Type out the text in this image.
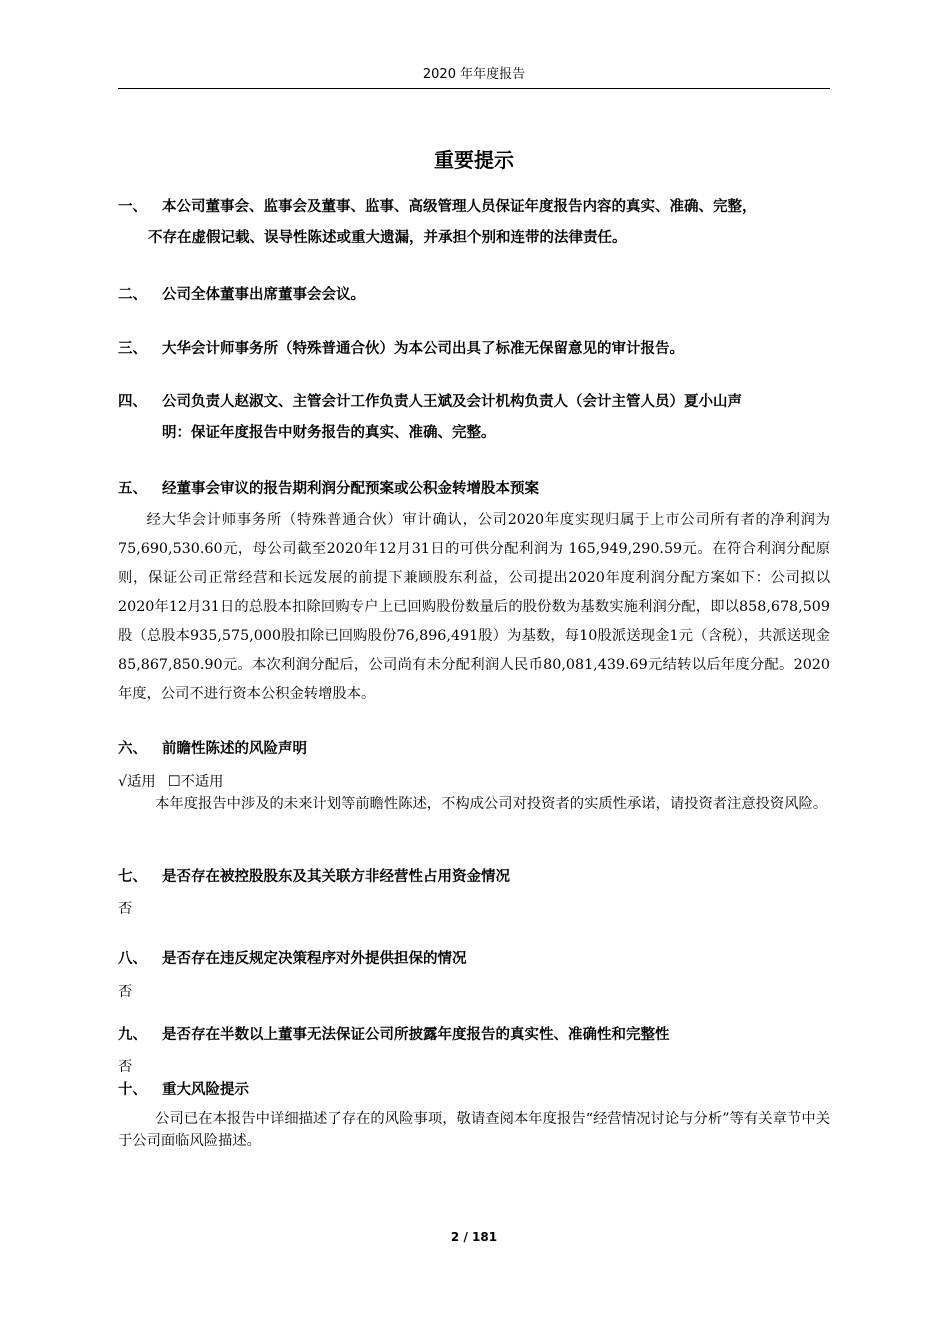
2020 年年度报告
重要提示
一、 本公司董事会、监事会及董事、监事、高级管理人员保证年度报告内容的真实、准确、完整，
不存在虚假记载、误导性陈述或重大遗漏，并承担个别和连带的法律责任。
二、 公司全体董事出席董事会会议。
三、 大华会计师事务所（特殊普通合伙）为本公司出具了标准无保留意见的审计报告。
四、 公司负责人赵淑文、主管会计工作负责人王斌及会计机构负责人（会计主管人员）夏小山声
明：保证年度报告中财务报告的真实、准确、完整。
五、 经董事会审议的报告期利润分配预案或公积金转增股本预案
经大华会计师事务所（特殊普通合伙）审计确认，公司2020年度实现归属于上市公司所有者的净利润为75,690,530.60元，母公司截至2020年12月31日的可供分配利润为 165,949,290.59元。在符合利润分配原则，保证公司正常经营和长远发展的前提下兼顾股东利益，公司提出2020年度利润分配方案如下：公司拟以2020年12月31日的总股本扣除回购专户上已回购股份数量后的股份数为基数实施利润分配，即以858,678,509股（总股本935,575,000股扣除已回购股份76,896,491股）为基数，每10股派送现金1元（含税），共派送现金85,867,850.90元。本次利润分配后，公司尚有未分配利润人民币80,081,439.69元结转以后年度分配。2020年度，公司不进行资本公积金转增股本。
六、 前瞻性陈述的风险声明
√适用 ☐不适用
本年度报告中涉及的未来计划等前瞻性陈述，不构成公司对投资者的实质性承诺，请投资者注意投资风险。
七、 是否存在被控股股东及其关联方非经营性占用资金情况
否
八、 是否存在违反规定决策程序对外提供担保的情况
否
九、 是否存在半数以上董事无法保证公司所披露年度报告的真实性、准确性和完整性
否
十、 重大风险提示
公司已在本报告中详细描述了存在的风险事项，敬请查阅本年度报告“经营情况讨论与分析”等有关章节中关于公司面临风险描述。
2 / 181
